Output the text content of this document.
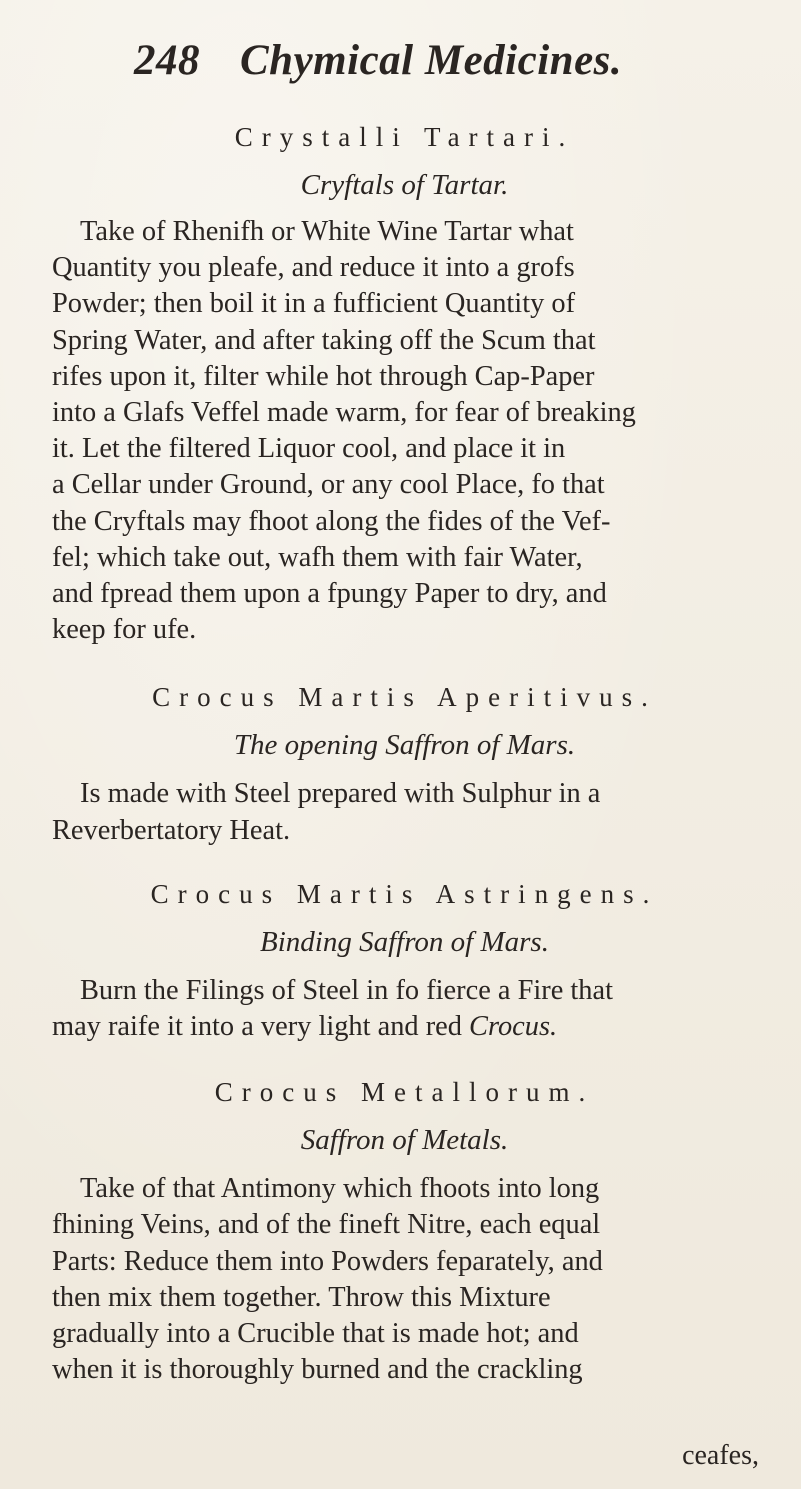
248 Chymical Medicines.
Crystalli Tartari.
Cryftals of Tartar.

Take of Rhenifh or White Wine Tartar what
Quantity you pleafe, and reduce it into a grofs
Powder; then boil it in a fufficient Quantity of
Spring Water, and after taking off the Scum that
rifes upon it, filter while hot through Cap-Paper
into a Glafs Veffel made warm, for fear of breaking
it. Let the filtered Liquor cool, and place it in
a Cellar under Ground, or any cool Place, fo that
the Cryftals may fhoot along the fides of the Vef-
fel; which take out, wafh them with fair Water,
and fpread them upon a fpungy Paper to dry, and
keep for ufe.

Crocus Martis Aperitivus.
The opening Saffron of Mars.

Is made with Steel prepared with Sulphur in a
Reverbertatory Heat.

Crocus Martis Astringens.
Binding Saffron of Mars.

Burn the Filings of Steel in fo fierce a Fire that
may raife it into a very light and red Crocus.

Crocus Metallorum.
Saffron of Metals.

Take of that Antimony which fhoots into long
fhining Veins, and of the fineft Nitre, each equal
Parts: Reduce them into Powders feparately, and
then mix them together. Throw this Mixture
gradually into a Crucible that is made hot; and
when it is thoroughly burned and the crackling

ceafes,
